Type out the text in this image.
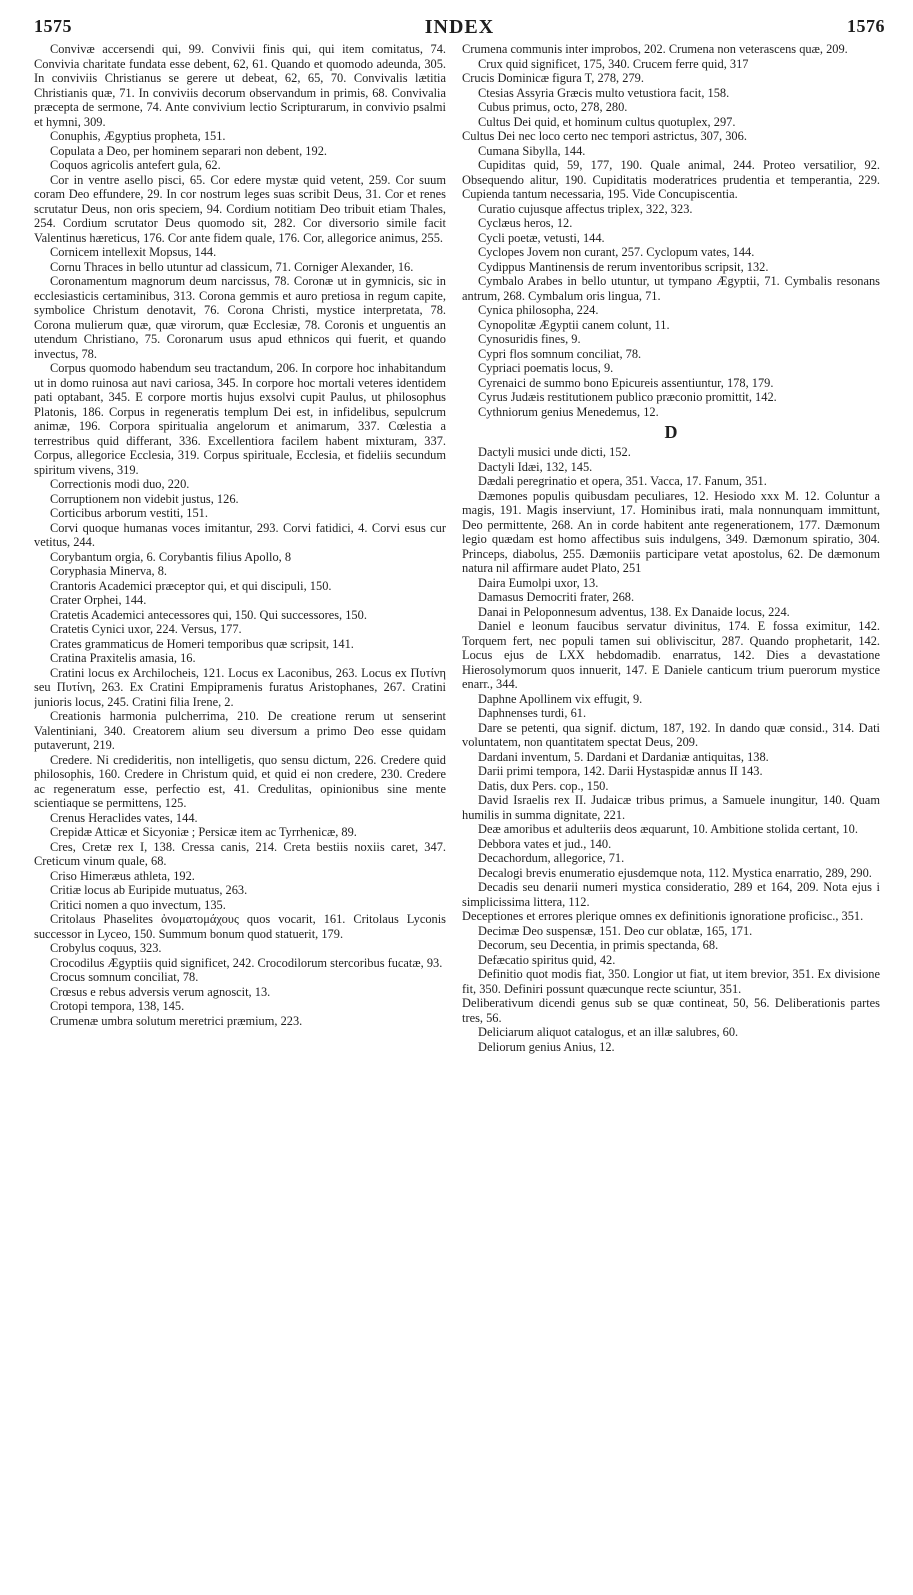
1575	INDEX	1576

Convivæ accersendi qui, 99. Convivii finis qui, qui item comitatus, 74. Convivia charitate fundata esse debent, 62, 61. Quando et quomodo adeunda, 305. In conviviis Christianus se gerere ut debeat, 62, 65, 70. Convivalis lætitia Christianis quæ, 71. In conviviis decorum observandum in primis, 68. Convivalia præcepta de sermone, 74. Ante convivium lectio Scripturarum, in convivio psalmi et hymni, 309.

Conuphis, Ægyptius propheta, 151.

Copulata a Deo, per hominem separari non debent, 192.

Coquos agricolis antefert gula, 62.

Cor in ventre asello pisci, 65. Cor edere mystæ quid vetent, 259. Cor suum coram Deo effundere, 29. In cor nostrum leges suas scribit Deus, 31. Cor et renes scrutatur Deus, non oris speciem, 94. Cordium notitiam Deo tribuit etiam Thales, 254. Cordium scrutator Deus quomodo sit, 282. Cor diversorio simile facit Valentinus hæreticus, 176. Cor ante fidem quale, 176. Cor, allegorice animus, 255.

Cornicem intellexit Mopsus, 144.

Cornu Thraces in bello utuntur ad classicum, 71. Corniger Alexander, 16.

Coronamentum magnorum deum narcissus, 78. Coronæ ut in gymnicis, sic in ecclesiasticis certaminibus, 313. Corona gemmis et auro pretiosa in regum capite, symbolice Christum denotavit, 76. Corona Christi, mystice interpretata, 78. Corona mulierum quæ, quæ virorum, quæ Ecclesiæ, 78. Coronis et unguentis an utendum Christiano, 75. Coronarum usus apud ethnicos qui fuerit, et quando invectus, 78.

Corpus quomodo habendum seu tractandum, 206. In corpore hoc inhabitandum ut in domo ruinosa aut navi cariosa, 345. In corpore hoc mortali veteres identidem pati optabant, 345. E corpore mortis hujus exsolvi cupit Paulus, ut philosophus Platonis, 186. Corpus in regeneratis templum Dei est, in infidelibus, sepulcrum animæ, 196. Corpora spiritualia angelorum et animarum, 337. Cœlestia a terrestribus quid differant, 336. Excellentiora facilem habent mixturam, 337. Corpus, allegorice Ecclesia, 319. Corpus spirituale, Ecclesia, et fideliis secundum spiritum vivens, 319.

Correctionis modi duo, 220.

Corruptionem non videbit justus, 126.

Corticibus arborum vestiti, 151.

Corvi quoque humanas voces imitantur, 293. Corvi fatidici, 4. Corvi esus cur vetitus, 244.

Corybantum orgia, 6. Corybantis filius Apollo, 8

Coryphasia Minerva, 8.

Crantoris Academici præceptor qui, et qui discipuli, 150.

Crater Orphei, 144.

Cratetis Academici antecessores qui, 150. Qui successores, 150.

Cratetis Cynici uxor, 224. Versus, 177.

Crates grammaticus de Homeri temporibus quæ scripsit, 141.

Cratina Praxitelis amasia, 16.

Cratini locus ex Archilocheis, 121. Locus ex Laconibus, 263. Locus ex Πυτίνη seu Πυτίνη, 263. Ex Cratini Empipramenis furatus Aristophanes, 267. Cratini junioris locus, 245. Cratini filia Irene, 2.

Creationis harmonia pulcherrima, 210. De creatione rerum ut senserint Valentiniani, 340. Creatorem alium seu diversum a primo Deo esse quidam putaverunt, 219.

Credere. Ni credideritis, non intelligetis, quo sensu dictum, 226. Credere quid philosophis, 160. Credere in Christum quid, et quid ei non credere, 230. Credere ac regeneratum esse, perfectio est, 41. Credulitas, opinionibus sine mente scientiaque se permittens, 125.

Crenus Heraclides vates, 144.

Crepidæ Atticæ et Sicyoniæ ; Persicæ item ac Tyrrhenicæ, 89.

Cres, Cretæ rex I, 138. Cressa canis, 214. Creta bestiis noxiis caret, 347. Creticum vinum quale, 68.

Criso Himeræus athleta, 192.

Critiæ locus ab Euripide mutuatus, 263.

Critici nomen a quo invectum, 135.

Critolaus Phaselites ὀνοματομάχους quos vocarit, 161. Critolaus Lyconis successor in Lyceo, 150. Summum bonum quod statuerit, 179.

Crobylus coquus, 323.

Crocodilus Ægyptiis quid significet, 242. Crocodilorum stercoribus fucatæ, 93.

Crocus somnum conciliat, 78.

Crœsus e rebus adversis verum agnoscit, 13.

Crotopi tempora, 138, 145.

Crumenæ umbra solutum meretrici præmium, 223.

Crumena communis inter improbos, 202. Crumena non veterascens quæ, 209.

Crux quid significet, 175, 340. Crucem ferre quid, 317

Crucis Dominicæ figura T, 278, 279.

Ctesias Assyria Græcis multo vetustiora facit, 158.

Cubus primus, octo, 278, 280.

Cultus Dei quid, et hominum cultus quotuplex, 297.

Cultus Dei nec loco certo nec tempori astrictus, 307, 306.

Cumana Sibylla, 144.

Cupiditas quid, 59, 177, 190. Quale animal, 244. Proteo versatilior, 92. Obsequendo alitur, 190. Cupiditatis moderatrices prudentia et temperantia, 229. Cupienda tantum necessaria, 195. Vide Concupiscentia.

Curatio cujusque affectus triplex, 322, 323.

Cyclæus heros, 12.

Cycli poetæ, vetusti, 144.

Cyclopes Jovem non curant, 257. Cyclopum vates, 144.

Cydippus Mantinensis de rerum inventoribus scripsit, 132.

Cymbalo Arabes in bello utuntur, ut tympano Ægyptii, 71. Cymbalis resonans antrum, 268. Cymbalum oris lingua, 71.

Cynica philosopha, 224.

Cynopolitæ Ægyptii canem colunt, 11.

Cynosuridis fines, 9.

Cypri flos somnum conciliat, 78.

Cypriaci poematis locus, 9.

Cyrenaici de summo bono Epicureis assentiuntur, 178, 179.

Cyrus Judæis restitutionem publico præconio promittit, 142.

Cythniorum genius Menedemus, 12.

D

Dactyli musici unde dicti, 152.

Dactyli Idæi, 132, 145.

Dædali peregrinatio et opera, 351. Vacca, 17. Fanum, 351.

Dæmones populis quibusdam peculiares, 12. Hesiodo xxx M. 12. Coluntur a magis, 191. Magis inserviunt, 17. Hominibus irati, mala nonnunquam immittunt, Deo permittente, 268. An in corde habitent ante regenerationem, 177. Dæmonum legio quædam est homo affectibus suis indulgens, 349. Dæmonum spiratio, 304. Princeps, diabolus, 255. Dæmoniis participare vetat apostolus, 62. De dæmonum natura nil affirmare audet Plato, 251

Daira Eumolpi uxor, 13.

Damasus Democriti frater, 268.

Danai in Peloponnesum adventus, 138. Ex Danaide locus, 224.

Daniel e leonum faucibus servatur divinitus, 174. E fossa eximitur, 142. Torquem fert, nec populi tamen sui obliviscitur, 287. Quando prophetarit, 142. Locus ejus de LXX hebdomadib. enarratus, 142. Dies a devastatione Hierosolymorum quos innuerit, 147. E Daniele canticum trium puerorum mystice enarr., 344.

Daphne Apollinem vix effugit, 9.

Daphnenses turdi, 61.

Dare se petenti, qua signif. dictum, 187, 192. In dando quæ consid., 314. Dati voluntatem, non quantitatem spectat Deus, 209.

Dardani inventum, 5. Dardani et Dardaniæ antiquitas, 138.

Darii primi tempora, 142. Darii Hystaspidæ annus II 143.

Datis, dux Pers. cop., 150.

David Israelis rex II. Judaicæ tribus primus, a Samuele inungitur, 140. Quam humilis in summa dignitate, 221.

Deæ amoribus et adulteriis deos æquarunt, 10. Ambitione stolida certant, 10.

Debbora vates et jud., 140.

Decachordum, allegorice, 71.

Decalogi brevis enumeratio ejusdemque nota, 112. Mystica enarratio, 289, 290.

Decadis seu denarii numeri mystica consideratio, 289 et 164, 209. Nota ejus i simplicissima littera, 112.

Deceptiones et errores plerique omnes ex definitionis ignoratione proficisc., 351.

Decimæ Deo suspensæ, 151. Deo cur oblatæ, 165, 171.

Decorum, seu Decentia, in primis spectanda, 68.

Defæcatio spiritus quid, 42.

Definitio quot modis fiat, 350. Longior ut fiat, ut item brevior, 351. Ex divisione fit, 350. Definiri possunt quæcunque recte sciuntur, 351.

Deliberativum dicendi genus sub se quæ contineat, 50, 56. Deliberationis partes tres, 56.

Deliciarum aliquot catalogus, et an illæ salubres, 60.

Deliorum genius Anius, 12.
